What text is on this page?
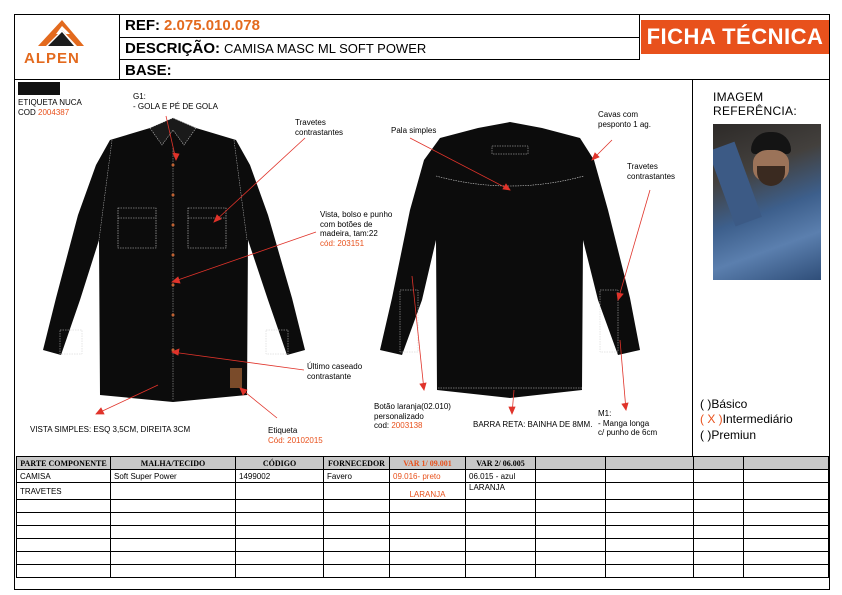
ALPEN
REF: 2.075.010.078
DESCRIÇÃO: CAMISA MASC ML SOFT POWER
BASE:
FICHA TÉCNICA
ETIQUETA NUCA
COD 2004387
G1:
- GOLA E PÉ DE GOLA
Travetes
contrastantes
Vista, bolso e punho
com botões de
madeira, tam:22
cód: 203151
Último caseado
contrastante
Etiqueta
Cód: 20102015
VISTA SIMPLES: ESQ 3,5CM, DIREITA 3CM
Pala simples
Cavas com
pesponto 1 ag.
Travetes
contrastantes
Botão laranja(02.010)
personalizado
cod: 2003138	BARRA RETA: BAINHA DE 8MM.
M1:
- Manga longa
c/ punho de 6cm
IMAGEM REFERÊNCIA:
( )Básico
( X )Intermediário
( )Premiun
PARTE COMPONENTE	MALHA/TECIDO	CÓDIGO	FORNECEDOR	VAR 1/ 09.001	VAR 2/ 06.005				
CAMISA	Soft Super Power	1499002	Favero	09.016- preto	06.015 - azul				
TRAVETES				LARANJA	LARANJA				
